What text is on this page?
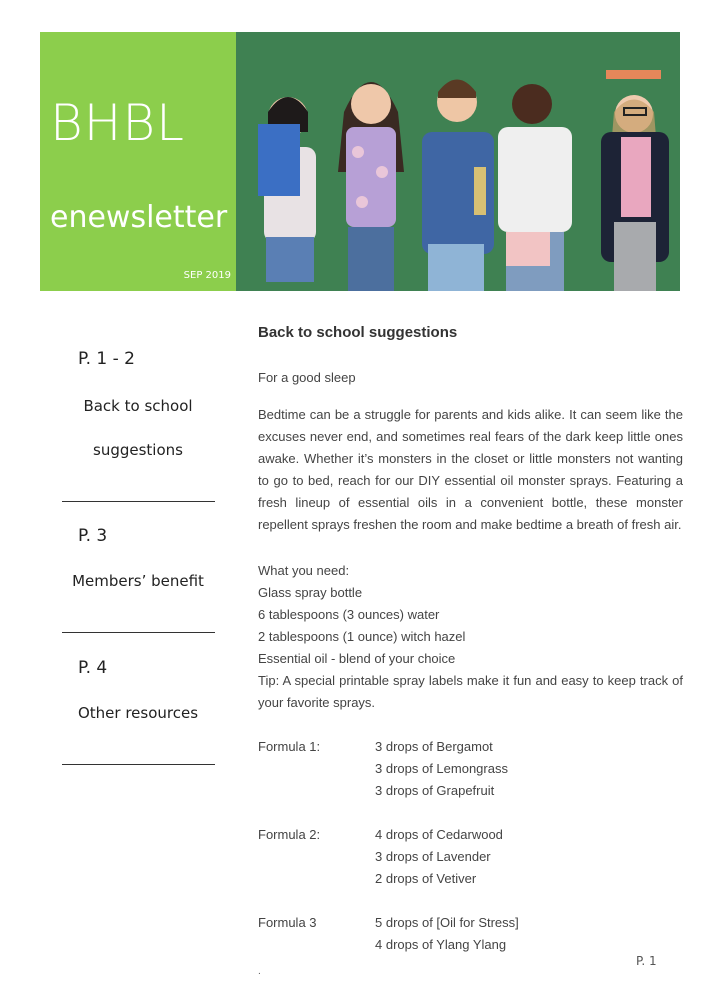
BHBL
enewsletter
SEP 2019
P. 1 - 2
Back to school
suggestions
P. 3
Members’ benefit
P. 4
Other resources
Back to school suggestions
For a good sleep
Bedtime can be a struggle for parents and kids alike. It can seem like the excuses never end, and sometimes real fears of the dark keep little ones awake. Whether it’s monsters in the closet or little monsters not wanting to go to bed, reach for our DIY essential oil monster sprays. Featuring a fresh lineup of essential oils in a convenient bottle, these monster repellent sprays freshen the room and make bedtime a breath of fresh air.
What you need:
Glass spray bottle
6 tablespoons (3 ounces) water
2 tablespoons (1 ounce) witch hazel
Essential oil - blend of your choice
Tip: A special printable spray labels make it fun and easy to keep track of your favorite sprays.
Formula 1:	3 drops of Bergamot
3 drops of Lemongrass
3 drops of Grapefruit
Formula 2:	4 drops of Cedarwood
3 drops of Lavender
2 drops of Vetiver
Formula 3	5 drops of [Oil for Stress]
4 drops of Ylang Ylang
P. 1
.
